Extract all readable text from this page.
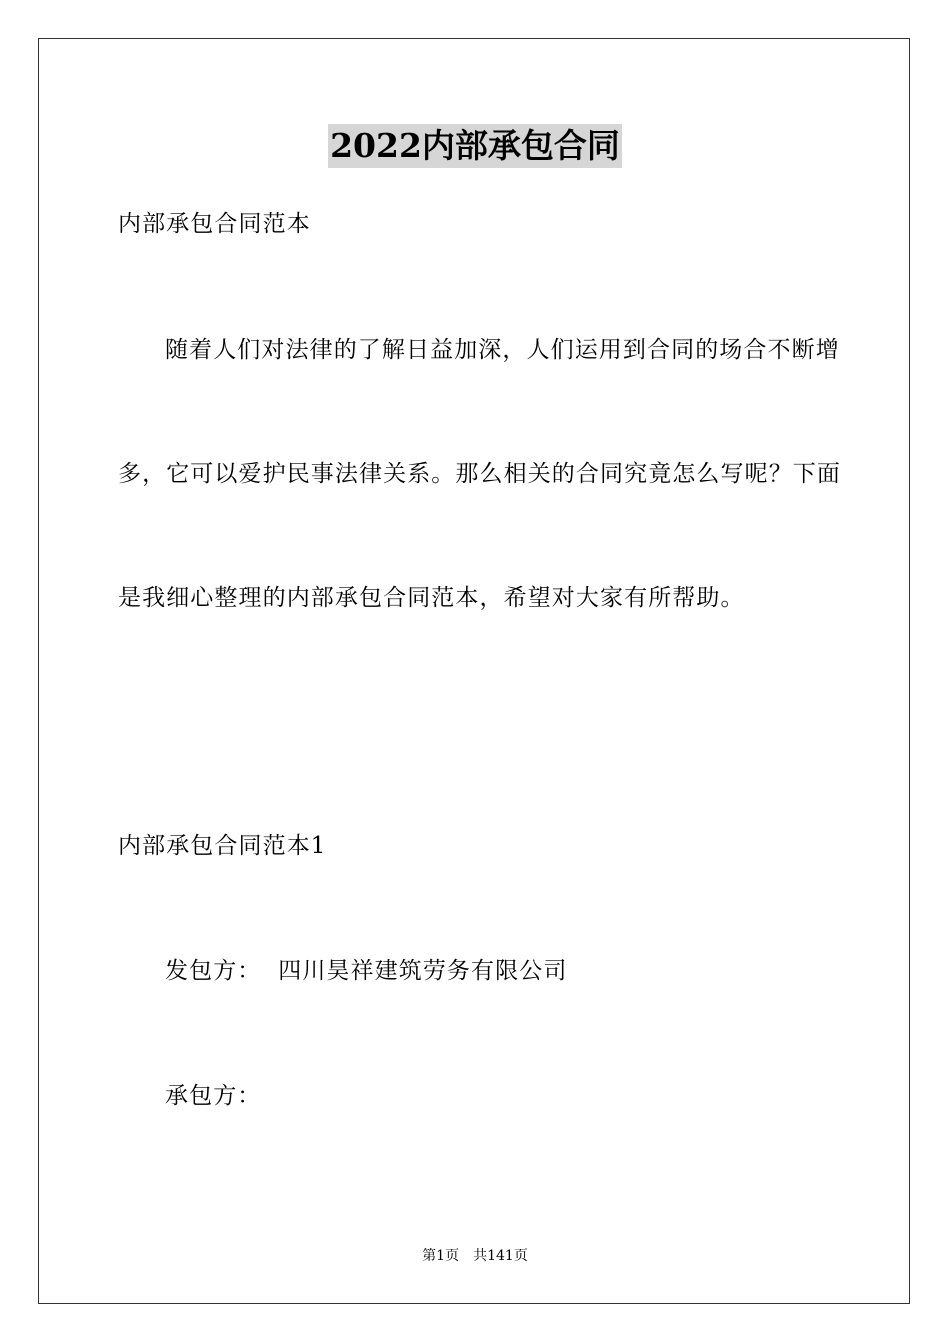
2022内部承包合同
内部承包合同范本
随着人们对法律的了解日益加深，人们运用到合同的场合不断增
多，它可以爱护民事法律关系。那么相关的合同究竟怎么写呢？下面
是我细心整理的内部承包合同范本，希望对大家有所帮助。
内部承包合同范本1
发包方：  四川昊祥建筑劳务有限公司
承包方：
第1页 共141页
